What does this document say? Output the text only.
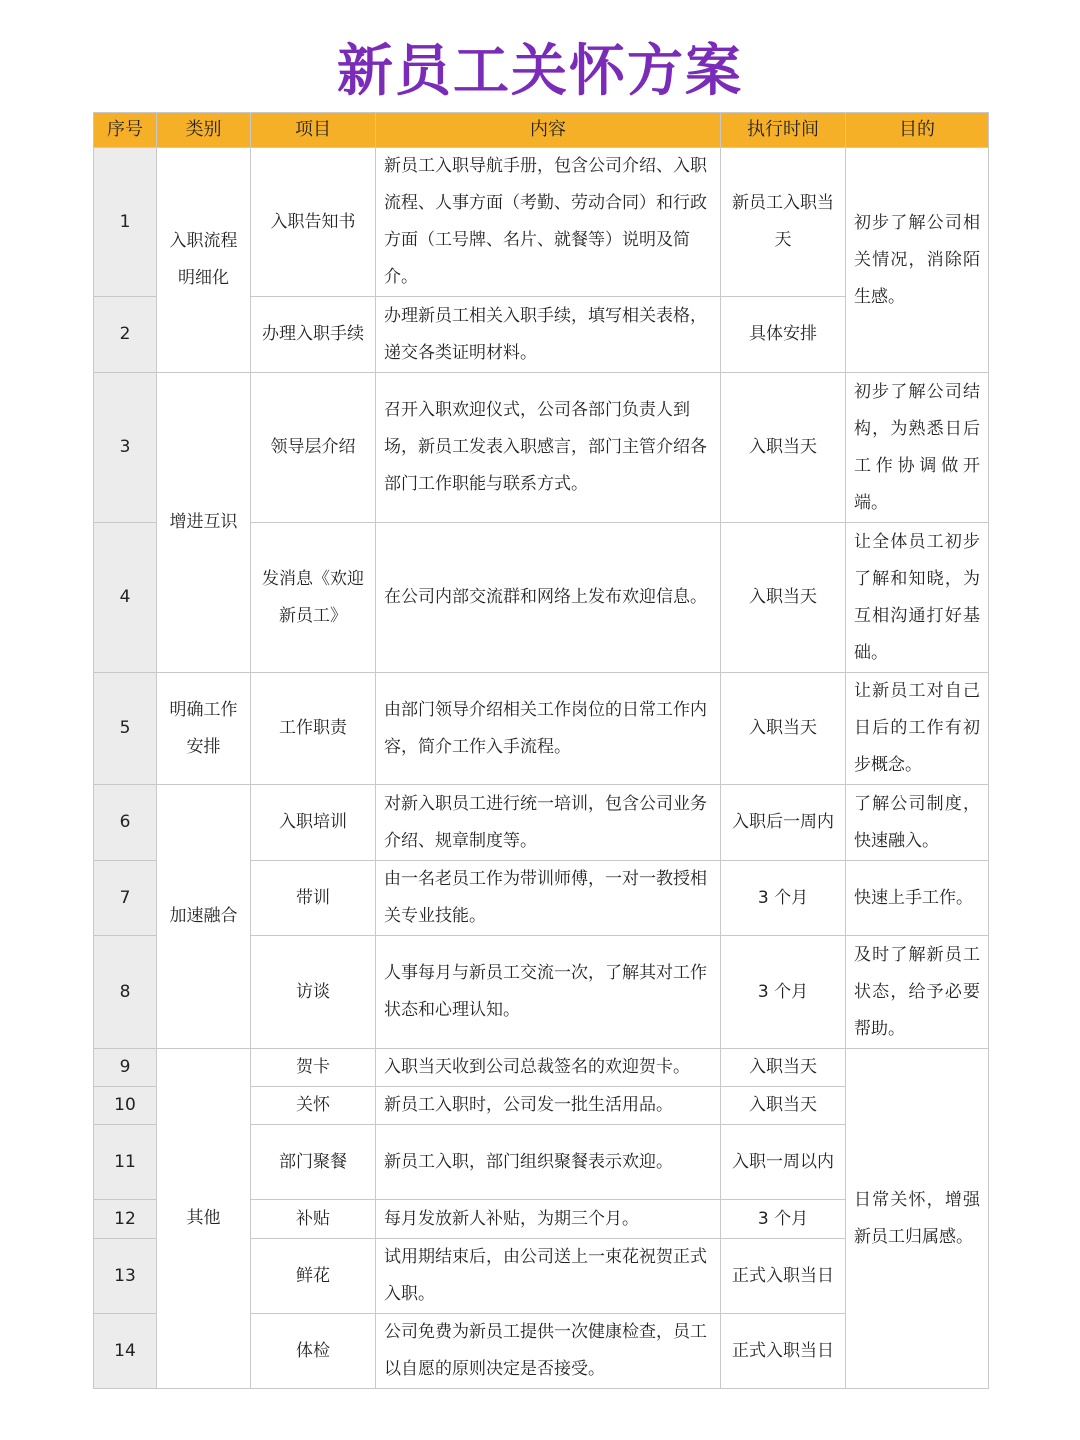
新员工关怀方案
序号	类别	项目	内容	执行时间	目的
1	入职流程明细化	入职告知书	新员工入职导航手册，包含公司介绍、入职流程、人事方面（考勤、劳动合同）和行政方面（工号牌、名片、就餐等）说明及简介。	新员工入职当天	初步了解公司相关情况，消除陌生感。
2		办理入职手续	办理新员工相关入职手续，填写相关表格，递交各类证明材料。	具体安排	
3	增进互识	领导层介绍	召开入职欢迎仪式，公司各部门负责人到场，新员工发表入职感言，部门主管介绍各部门工作职能与联系方式。	入职当天	初步了解公司结构，为熟悉日后工作协调做开端。
4		发消息《欢迎新员工》	在公司内部交流群和网络上发布欢迎信息。	入职当天	让全体员工初步了解和知晓，为互相沟通打好基础。
5	明确工作安排	工作职责	由部门领导介绍相关工作岗位的日常工作内容，简介工作入手流程。	入职当天	让新员工对自己日后的工作有初步概念。
6	加速融合	入职培训	对新入职员工进行统一培训，包含公司业务介绍、规章制度等。	入职后一周内	了解公司制度，快速融入。
7		带训	由一名老员工作为带训师傅，一对一教授相关专业技能。	3 个月	快速上手工作。
8		访谈	人事每月与新员工交流一次，了解其对工作状态和心理认知。	3 个月	及时了解新员工状态，给予必要帮助。
9	其他	贺卡	入职当天收到公司总裁签名的欢迎贺卡。	入职当天	日常关怀，增强新员工归属感。
10		关怀	新员工入职时，公司发一批生活用品。	入职当天	
11		部门聚餐	新员工入职，部门组织聚餐表示欢迎。	入职一周以内	
12		补贴	每月发放新人补贴，为期三个月。	3 个月	
13		鲜花	试用期结束后，由公司送上一束花祝贺正式入职。	正式入职当日	
14		体检	公司免费为新员工提供一次健康检查，员工以自愿的原则决定是否接受。	正式入职当日	
